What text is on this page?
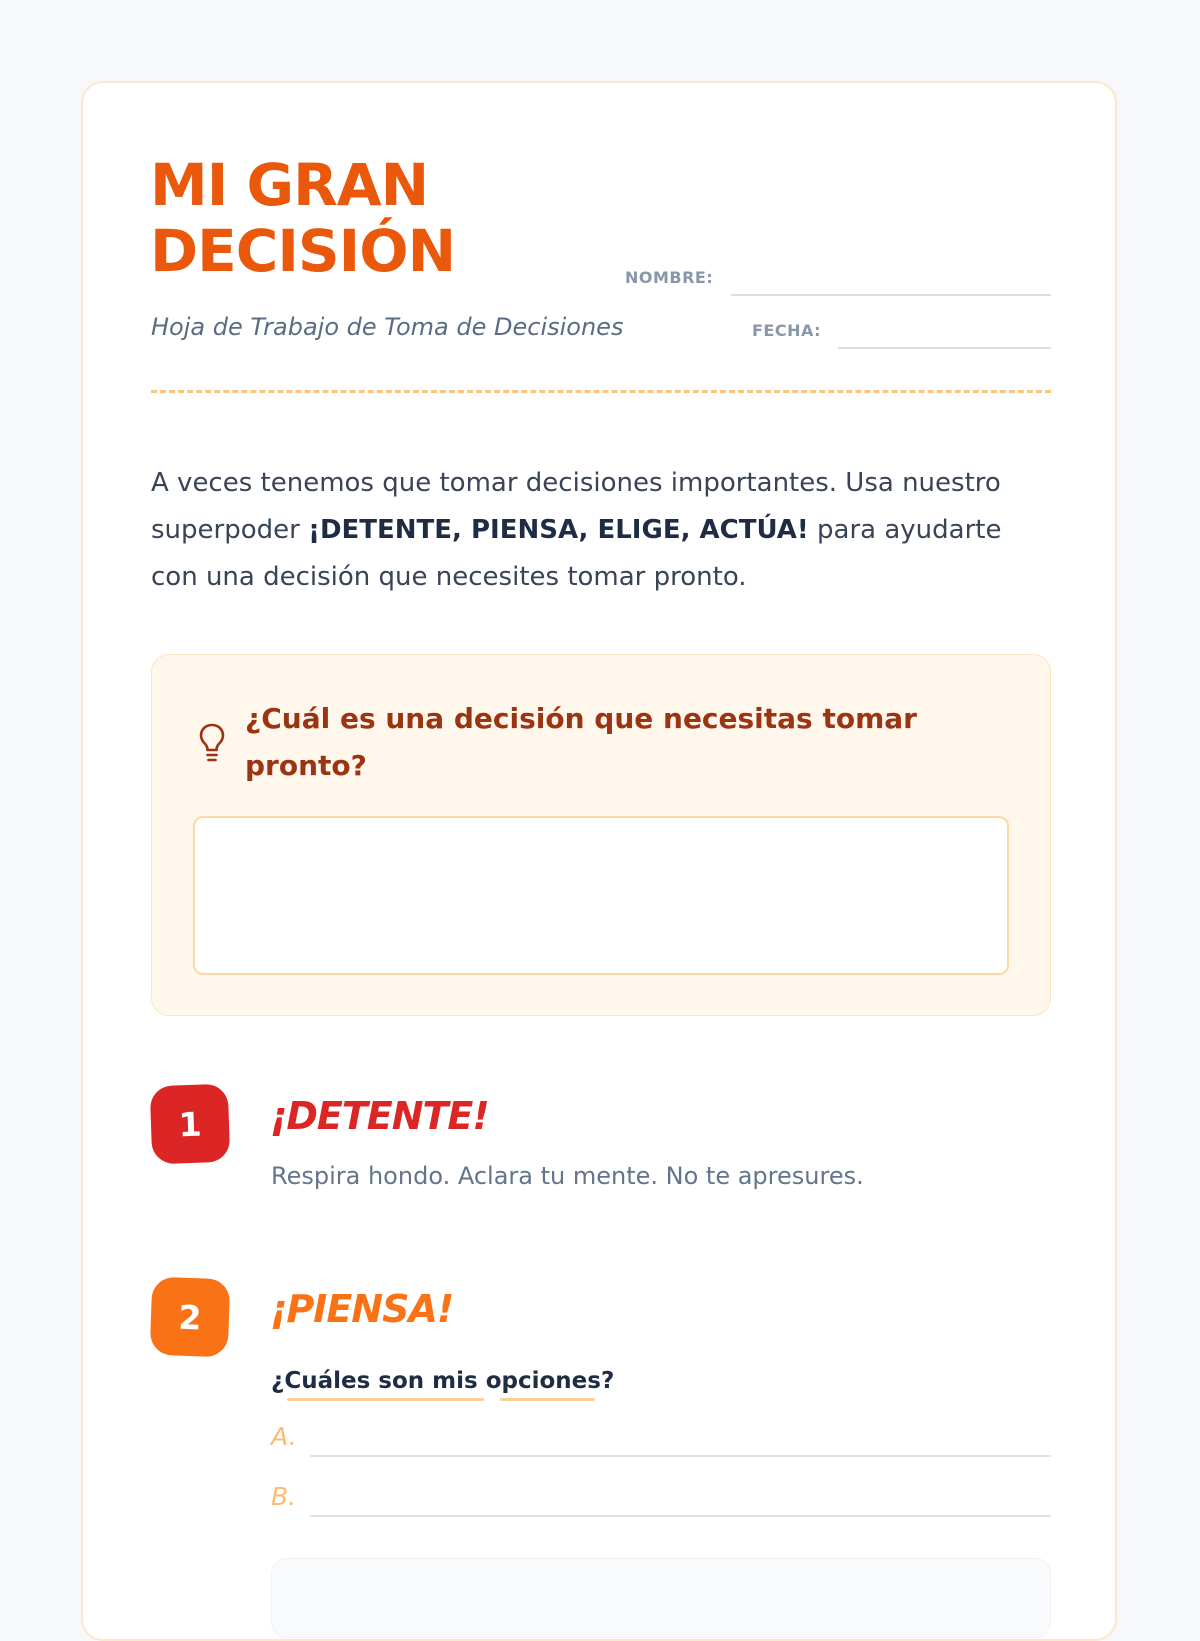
MI GRAN DECISIÓN
Hoja de Trabajo de Toma de Decisiones
NOMBRE:
FECHA:

A veces tenemos que tomar decisiones importantes. Usa nuestro superpoder ¡DETENTE, PIENSA, ELIGE, ACTÚA! para ayudarte con una decisión que necesites tomar pronto.

¿Cuál es una decisión que necesitas tomar pronto?
1	¡DETENTE!
Respira hondo. Aclara tu mente. No te apresures.
2	¡PIENSA!
¿Cuáles son mis opciones?
A.
B.
